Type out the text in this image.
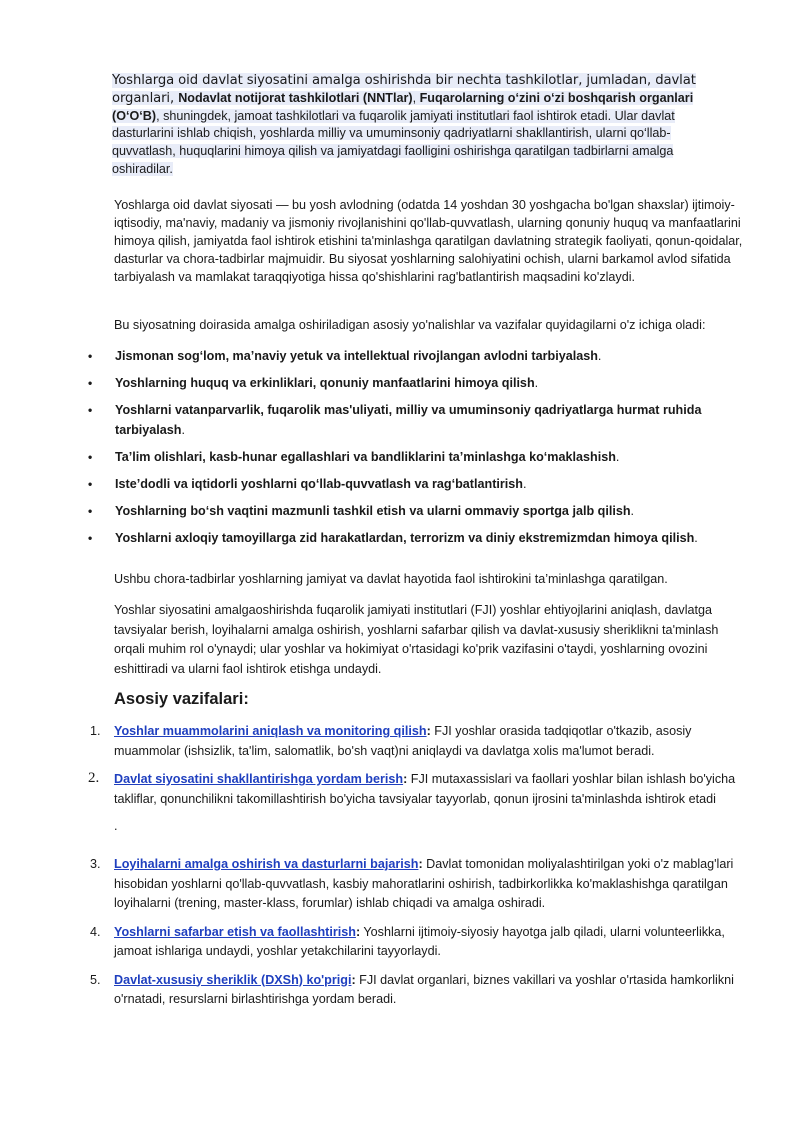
Yoshlarga oid davlat siyosatini amalga oshirishda bir nechta tashkilotlar, jumladan, davlat
organlari, Nodavlat notijorat tashkilotlari (NNTlar), Fuqarolarning o‘zini o‘zi boshqarish organlari (O‘O‘B), shuningdek, jamoat tashkilotlari va fuqarolik jamiyati institutlari faol ishtirok etadi. Ular davlat dasturlarini ishlab chiqish, yoshlarda milliy va umuminsoniy qadriyatlarni shakllantirish, ularni qo‘llab-quvvatlash, huquqlarini himoya qilish va jamiyatdagi faolligini oshirishga qaratilgan tadbirlarni amalga oshiradilar.
Yoshlarga oid davlat siyosati — bu yosh avlodning (odatda 14 yoshdan 30 yoshgacha bo'lgan shaxslar) ijtimoiy-iqtisodiy, ma'naviy, madaniy va jismoniy rivojlanishini qo'llab-quvvatlash, ularning qonuniy huquq va manfaatlarini himoya qilish, jamiyatda faol ishtirok etishini ta'minlashga qaratilgan davlatning strategik faoliyati, qonun-qoidalar, dasturlar va chora-tadbirlar majmuidir. Bu siyosat yoshlarning salohiyatini ochish, ularni barkamol avlod sifatida tarbiyalash va mamlakat taraqqiyotiga hissa qo'shishlarini rag'batlantirish maqsadini ko'zlaydi.
Bu siyosatning doirasida amalga oshiriladigan asosiy yo'nalishlar va vazifalar quyidagilarni o'z ichiga oladi:
• Jismonan sog‘lom, ma’naviy yetuk va intellektual rivojlangan avlodni tarbiyalash.
• Yoshlarning huquq va erkinliklari, qonuniy manfaatlarini himoya qilish.
• Yoshlarni vatanparvarlik, fuqarolik mas'uliyati, milliy va umuminsoniy qadriyatlarga hurmat ruhida tarbiyalash.
• Ta’lim olishlari, kasb-hunar egallashlari va bandliklarini ta’minlashga ko‘maklashish.
• Iste’dodli va iqtidorli yoshlarni qo‘llab-quvvatlash va rag‘batlantirish.
• Yoshlarning bo‘sh vaqtini mazmunli tashkil etish va ularni ommaviy sportga jalb qilish.
• Yoshlarni axloqiy tamoyillarga zid harakatlardan, terrorizm va diniy ekstremizmdan himoya qilish.
Ushbu chora-tadbirlar yoshlarning jamiyat va davlat hayotida faol ishtirokini ta’minlashga qaratilgan.
Yoshlar siyosatini amalgaoshirishda fuqarolik jamiyati institutlari (FJI) yoshlar ehtiyojlarini aniqlash, davlatga tavsiyalar berish, loyihalarni amalga oshirish, yoshlarni safarbar qilish va davlat-xususiy sheriklikni ta'minlash orqali muhim rol o'ynaydi; ular yoshlar va hokimiyat o'rtasidagi ko'prik vazifasini o'taydi, yoshlarning ovozini eshittiradi va ularni faol ishtirok etishga undaydi.
Asosiy vazifalari:
1. Yoshlar muammolarini aniqlash va monitoring qilish: FJI yoshlar orasida tadqiqotlar o'tkazib, asosiy muammolar (ishsizlik, ta'lim, salomatlik, bo'sh vaqt)ni aniqlaydi va davlatga xolis ma'lumot beradi.
2. Davlat siyosatini shakllantirishga yordam berish: FJI mutaxassislari va faollari yoshlar bilan ishlash bo'yicha takliflar, qonunchilikni takomillashtirish bo'yicha tavsiyalar tayyorlab, qonun ijrosini ta'minlashda ishtirok etadi
.
3. Loyihalarni amalga oshirish va dasturlarni bajarish: Davlat tomonidan moliyalashtirilgan yoki o'z mablag'lari hisobidan yoshlarni qo'llab-quvvatlash, kasbiy mahoratlarini oshirish, tadbirkorlikka ko'maklashishga qaratilgan loyihalarni (trening, master-klass, forumlar) ishlab chiqadi va amalga oshiradi.
4. Yoshlarni safarbar etish va faollashtirish: Yoshlarni ijtimoiy-siyosiy hayotga jalb qiladi, ularni volunteerlikka, jamoat ishlariga undaydi, yoshlar yetakchilarini tayyorlaydi.
5. Davlat-xususiy sheriklik (DXSh) ko'prigi: FJI davlat organlari, biznes vakillari va yoshlar o'rtasida hamkorlikni o'rnatadi, resurslarni birlashtirishga yordam beradi.
